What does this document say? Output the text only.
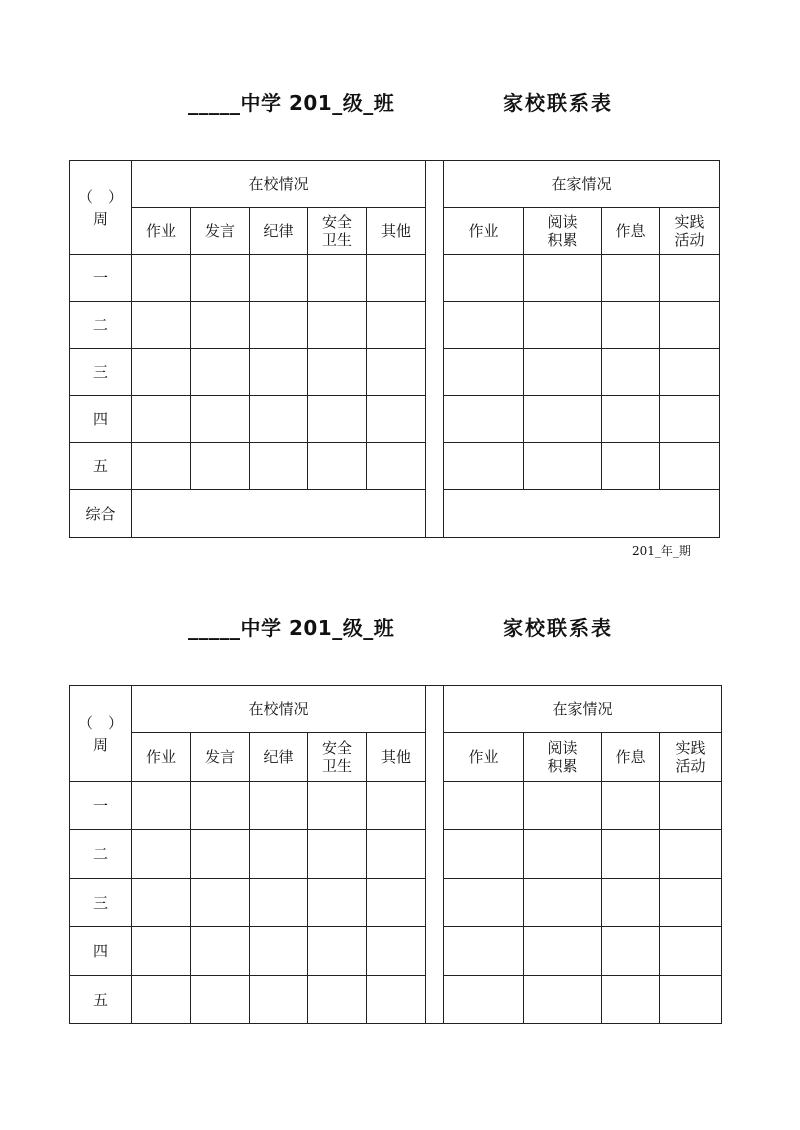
_____中学 201_级_班	家校联系表
（　）
周	在校情况						在家情况			
	作业	发言	纪律	安全卫生	其他		作业	阅读积累	作息	实践活动
一										
二										
三										
四										
五										
综合										
201_年_期
_____中学 201_级_班	家校联系表
（　）
周	在校情况						在家情况			
	作业	发言	纪律	安全卫生	其他		作业	阅读积累	作息	实践活动
一										
二										
三										
四										
五										
